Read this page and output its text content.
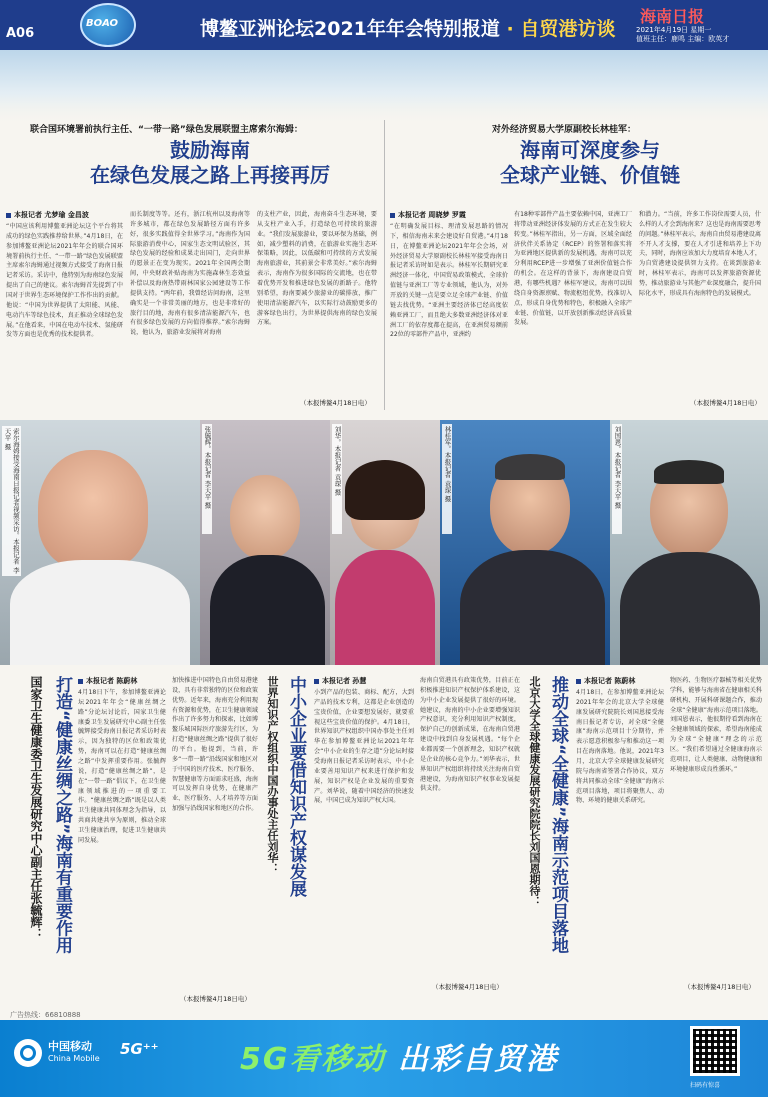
A06
BOAO	博鳌亚洲论坛2021年年会特别报道 · 自贸港访谈
海南日报
2021年4月19日 星期一
值班主任：鹿鸣 主编：欧英才
联合国环境署前执行主任、“一带一路”绿色发展联盟主席索尔海姆：
鼓励海南
在绿色发展之路上再接再厉
本报记者 尤梦瑜 金昌波
“中国应该利用博鳌亚洲论坛这个平台将其成功的绿色实践推荐给世界。”4月18日，在参加博鳌亚洲论坛2021年年会的联合国环境署前执行主任、“一带一路”绿色发展联盟主席索尔海姆通过视频方式接受了海南日报记者采访。采访中，他特别为海南绿色发展提出了自己的建议。索尔海姆首先提到了中国对于世界生态环境保护工作作出的贡献。他说：“中国为世界提供了太阳能、风能、电动汽车等绿色技术，真正推动全球绿色发展。”在他看来，中国在电动车技术、氢能研发等方面也是优秀的技术提供者。
而长制度等等。还有，浙江杭州以及海南等许多城市，都在绿色发展路径方面有许多好，很多实践值得全世界学习。”海南作为国际旅游消费中心，国家生态文明试验区，其绿色发展的经验和成果走出国门，走向世界的愿景正在变为现实。2021年全国两会期间，中央财政补贴海南为实施森林生态效益补偿以及海南热带雨林国家公园建设等工作提供支持。“两年前，我曾经访问海南，这里确实是一个非常美丽的地方，也是非常好的旅行目的地，海南有很多清洁能源汽车，也有很多绿色发展的方向值得推荐。”索尔海姆说，他认为，旅游业发展将对海南
的支柱产业，因此，海南奋斗生态环境，要从支柱产业入手，打造绿色可持续的旅游业。“我们发展旅游业，要以环保为基础，例如，减少塑料的消费，在旅游业实施生态环保策略，因此，以低碳和可持续的方式发展海南旅游业，其前景会非常美好。”索尔海姆表示，海南作为很多国际的交流地，也在带着优势开发和推进绿色发展的新路子。他特别希望，海南要减少旅游业的碳排放，推广使用清洁能源汽车，以实际行动鼓励更多的游客绿色出行，为世界提供海南的绿色发展方案。
（本报博鳌4月18日电）
对外经济贸易大学原副校长林桂军：
海南可深度参与
全球产业链、价值链
本报记者 周晓梦 罗霞
“在明确发展目标、理清发展思路的情况下，相信海南未来会建设好自贸港。”4月18日，在博鳌亚洲论坛2021年年会会场，对外经济贸易大学原副校长林桂军接受海南日报记者采访时如是表示。林桂军长期研究亚洲经济一体化、中国贸易政策模式、全球价值链与亚洲工厂等专业领域，他认为，对外开放的关键一点是要立足全球产业链、价值链去找优势。“亚洲主要经济体已经高度依赖亚洲工厂，而且绝大多数亚洲经济体对亚洲工厂的依存度都在提高，在亚洲贸易额前22位的零部件产品中，亚洲约
有18种零部件产品主要依赖中国，亚洲工厂将带动亚洲经济体发展的方式正在发生较大转变。”林桂军指出，另一方面，区域全面经济伙伴关系协定（RCEP）的签署和落实将为亚洲地区提供新的发展机遇，海南可以充分利用RCEP进一步增强了亚洲价值链合作的机会。在这样的背景下，海南建设自贸港，有哪些机遇？林桂军建议，海南可以围绕自身资源禀赋、物流枢纽优势，找准切入点，形成自身优势和特色，积极融入全球产业链、价值链，以开放创新推动经济高质量发展。
和潜力。“当前，许多工作岗位需要人员，什么样的人才会到海南来？这也是海南需要思考的问题。”林桂军表示，海南自由贸易港建设离不开人才支撑，要在人才引进和培养上下功夫，同时，海南应该加大力度培育本地人才，为自贸港建设提供智力支持。在谈到旅游业时，林桂军表示，海南可以发挥旅游资源优势，推动旅游业与其他产业深度融合，提升国际化水平，形成具有海南特色的发展模式。
（本报博鳌4月18日电）
索尔海姆接受海南日报记者视频采访。本报记者 李天平 摄	张毓辉。本报记者 李天平 摄	刘华。本报记者 袁琛 摄	林桂军。本报记者 袁琛 摄	刘国恩。本报记者 李天平 摄
打造“健康丝绸之路”海南有重要作用
国家卫生健康委卫生发展研究中心副主任张毓辉：	本报记者 陈蔚林
4月18日下午，参加博鳌亚洲论坛2021年年会“健康丝绸之路”分论坛讨论后，国家卫生健康委卫生发展研究中心副主任张毓辉接受海南日报记者采访时表示，因为独特的区位和政策优势，海南可以在打造“健康丝绸之路”中发挥重要作用。张毓辉说，打造“健康丝绸之路”，是在“一带一路”倡议下，在卫生健康领域推进的一项重要工作。“健康丝绸之路”既是以人类卫生健康共同体理念为指导，以共商共建共享为原则，推动全球卫生健康治理，促进卫生健康共同发展。
加快推进中国特色自由贸易港建设，具有非常独特的区位和政策优势。近年来，海南充分利用现有资源和优势，在卫生健康领域作出了许多努力和探索，比如博鳌乐城国际医疗旅游先行区，为打造“健康丝绸之路”提供了很好的平台。他提到，当前，许多“一带一路”沿线国家和地区对于中国的医疗技术、医疗服务、智慧健康等方面需求旺盛，海南可以发挥自身优势，在健康产业、医疗服务、人才培养等方面加强与沿线国家和地区的合作。
（本报博鳌4月18日电）
中小企业要借知识产权谋发展
世界知识产权组织中国办事处主任刘华：	本报记者 孙慧
小到产品的包装、商标、配方，大到产品的技术专利，这都是企业创造的宝贵价值，企业要想发展好，就要重视这些宝贵价值的保护。4月18日，世界知识产权组织中国办事处主任刘华在参加博鳌亚洲论坛2021年年会“中小企业的生存之道”分论坛时接受海南日报记者采访时表示，中小企业要善用知识产权来进行保护和发展，知识产权是企业发展的重要资产。刘华说，随着中国经济的快速发展，中国已成为知识产权大国。
海南自贸港具有政策优势，目前正在积极推进知识产权保护体系建设，这为中小企业发展提供了很好的环境。她建议，海南的中小企业要增强知识产权意识，充分利用知识产权制度，保护自己的创新成果，在海南自贸港建设中找到自身发展机遇。“每个企业都需要一个创新理念，知识产权就是企业的核心竞争力。”刘华表示，世界知识产权组织将持续关注海南自贸港建设，为海南知识产权事业发展提供支持。
（本报博鳌4月18日电）
推动全球“全健康”海南示范项目落地
北京大学全球健康发展研究院院长刘国恩期待：	本报记者 陈蔚林
4月18日，在参加博鳌亚洲论坛2021年年会的北京大学全球健康发展研究院院长刘国恩接受海南日报记者专访，对全球“全健康”海南示范项目十分期待，并表示愿意积极参与和推动这一项目在海南落地。他说，2021年3月，北京大学全球健康发展研究院与海南省签署合作协议，双方将共同推动全球“全健康”海南示范项目落地，项目将聚焦人、动物、环境的健康关系研究。
物医药、生物医疗器械等相关优势学科，能够与海南省在健康相关科研机构、开展科研课题合作，推动全球“全健康”海南示范项目落地。刘国恩表示，他很期待看到海南在全健康领域的探索，希望海南能成为全球“全健康”理念的示范区。“我们希望通过全健康海南示范项目，让人类健康、动物健康和环境健康形成良性循环。”
（本报博鳌4月18日电）
广告热线：66810888
中国移动
China Mobile
5G⁺⁺	5G看移动 出彩自贸港
扫码有惊喜
